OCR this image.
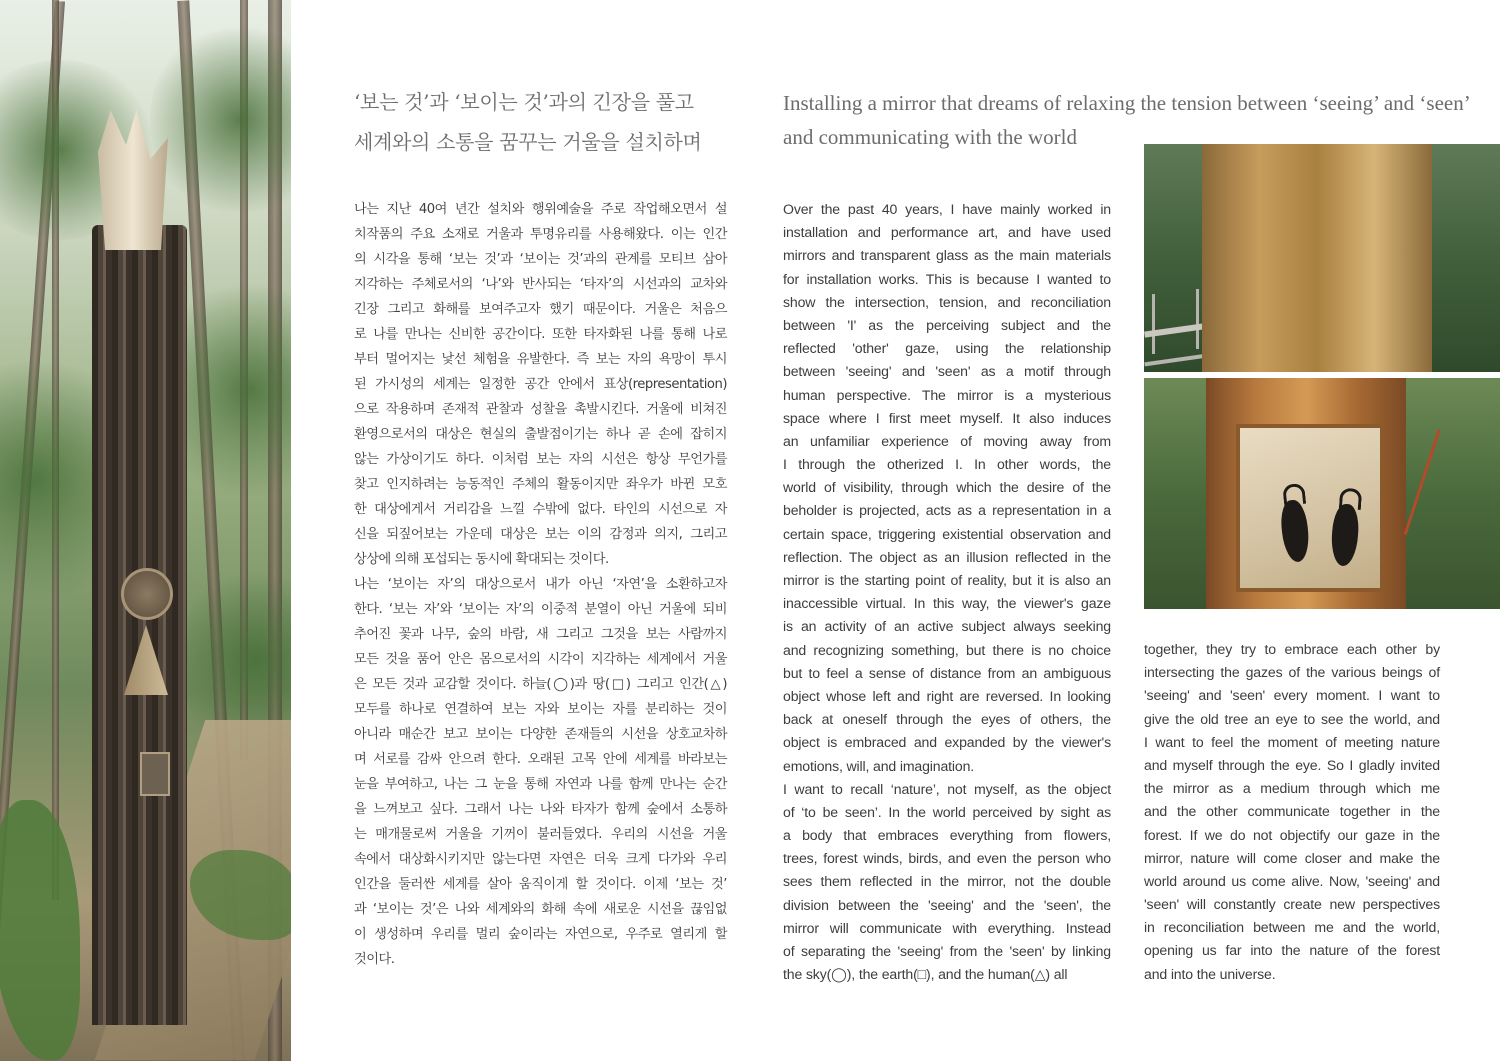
‘보는 것’과 ‘보이는 것’과의 긴장을 풀고
세계와의 소통을 꿈꾸는 거울을 설치하며
나는 지난 40여 년간 설치와 행위예술을 주로 작업해오면서 설
치작품의 주요 소재로 거울과 투명유리를 사용해왔다. 이는 인간
의 시각을 통해 ‘보는 것’과 ‘보이는 것’과의 관계를 모티브 삼아
지각하는 주체로서의 ‘나’와 반사되는 ‘타자’의 시선과의 교차와
긴장 그리고 화해를 보여주고자 했기 때문이다. 거울은 처음으
로 나를 만나는 신비한 공간이다. 또한 타자화된 나를 통해 나로
부터 멀어지는 낯선 체험을 유발한다. 즉 보는 자의 욕망이 투시
된 가시성의 세계는 일정한 공간 안에서 표상(representation)
으로 작용하며 존재적 관찰과 성찰을 촉발시킨다. 거울에 비쳐진
환영으로서의 대상은 현실의 출발점이기는 하나 곧 손에 잡히지
않는 가상이기도 하다. 이처럼 보는 자의 시선은 항상 무언가를
찾고 인지하려는 능동적인 주체의 활동이지만 좌우가 바뀐 모호
한 대상에게서 거리감을 느낄 수밖에 없다. 타인의 시선으로 자
신을 되짚어보는 가운데 대상은 보는 이의 감정과 의지, 그리고
상상에 의해 포섭되는 동시에 확대되는 것이다.
나는 ‘보이는 자’의 대상으로서 내가 아닌 ‘자연’을 소환하고자
한다. ‘보는 자’와 ‘보이는 자’의 이중적 분열이 아닌 거울에 되비
추어진 꽃과 나무, 숲의 바람, 새 그리고 그것을 보는 사람까지
모든 것을 품어 안은 몸으로서의 시각이 지각하는 세계에서 거울
은 모든 것과 교감할 것이다. 하늘(◯)과 땅(□) 그리고 인간(△)
모두를 하나로 연결하여 보는 자와 보이는 자를 분리하는 것이
아니라 매순간 보고 보이는 다양한 존재들의 시선을 상호교차하
며 서로를 감싸 안으려 한다. 오래된 고목 안에 세계를 바라보는
눈을 부여하고, 나는 그 눈을 통해 자연과 나를 함께 만나는 순간
을 느껴보고 싶다. 그래서 나는 나와 타자가 함께 숲에서 소통하
는 매개물로써 거울을 기꺼이 불러들였다. 우리의 시선을 거울
속에서 대상화시키지만 않는다면 자연은 더욱 크게 다가와 우리
인간을 둘러싼 세계를 살아 움직이게 할 것이다. 이제 ‘보는 것’
과 ‘보이는 것’은 나와 세계와의 화해 속에 새로운 시선을 끊임없
이 생성하며 우리를 멀리 숲이라는 자연으로, 우주로 열리게 할
것이다.
Installing a mirror that dreams of relaxing the tension between ‘seeing’ and ‘seen’
and communicating with the world
Over the past 40 years, I have mainly worked in
installation and performance art, and have used
mirrors and transparent glass as the main materials
for installation works. This is because I wanted to
show the intersection, tension, and reconciliation
between 'I' as the perceiving subject and the
reflected 'other' gaze, using the relationship
between 'seeing' and 'seen' as a motif through
human perspective. The mirror is a mysterious
space where I first meet myself. It also induces
an unfamiliar experience of moving away from
I through the otherized I. In other words, the
world of visibility, through which the desire of the
beholder is projected, acts as a representation in a
certain space, triggering existential observation and
reflection. The object as an illusion reflected in the
mirror is the starting point of reality, but it is also an
inaccessible virtual. In this way, the viewer's gaze
is an activity of an active subject always seeking
and recognizing something, but there is no choice
but to feel a sense of distance from an ambiguous
object whose left and right are reversed. In looking
back at oneself through the eyes of others, the
object is embraced and expanded by the viewer's
emotions, will, and imagination.
I want to recall ‘nature’, not myself, as the object
of ‘to be seen’. In the world perceived by sight as
a body that embraces everything from flowers,
trees, forest winds, birds, and even the person who
sees them reflected in the mirror, not the double
division between the 'seeing' and the 'seen', the
mirror will communicate with everything. Instead
of separating the 'seeing' from the 'seen' by linking
the sky(◯), the earth(□), and the human(△) all
together, they try to embrace each other by
intersecting the gazes of the various beings of
'seeing' and 'seen' every moment. I want to
give the old tree an eye to see the world, and
I want to feel the moment of meeting nature
and myself through the eye. So I gladly invited
the mirror as a medium through which me
and the other communicate together in the
forest. If we do not objectify our gaze in the
mirror, nature will come closer and make the
world around us come alive. Now, 'seeing' and
'seen' will constantly create new perspectives
in reconciliation between me and the world,
opening us far into the nature of the forest
and into the universe.
